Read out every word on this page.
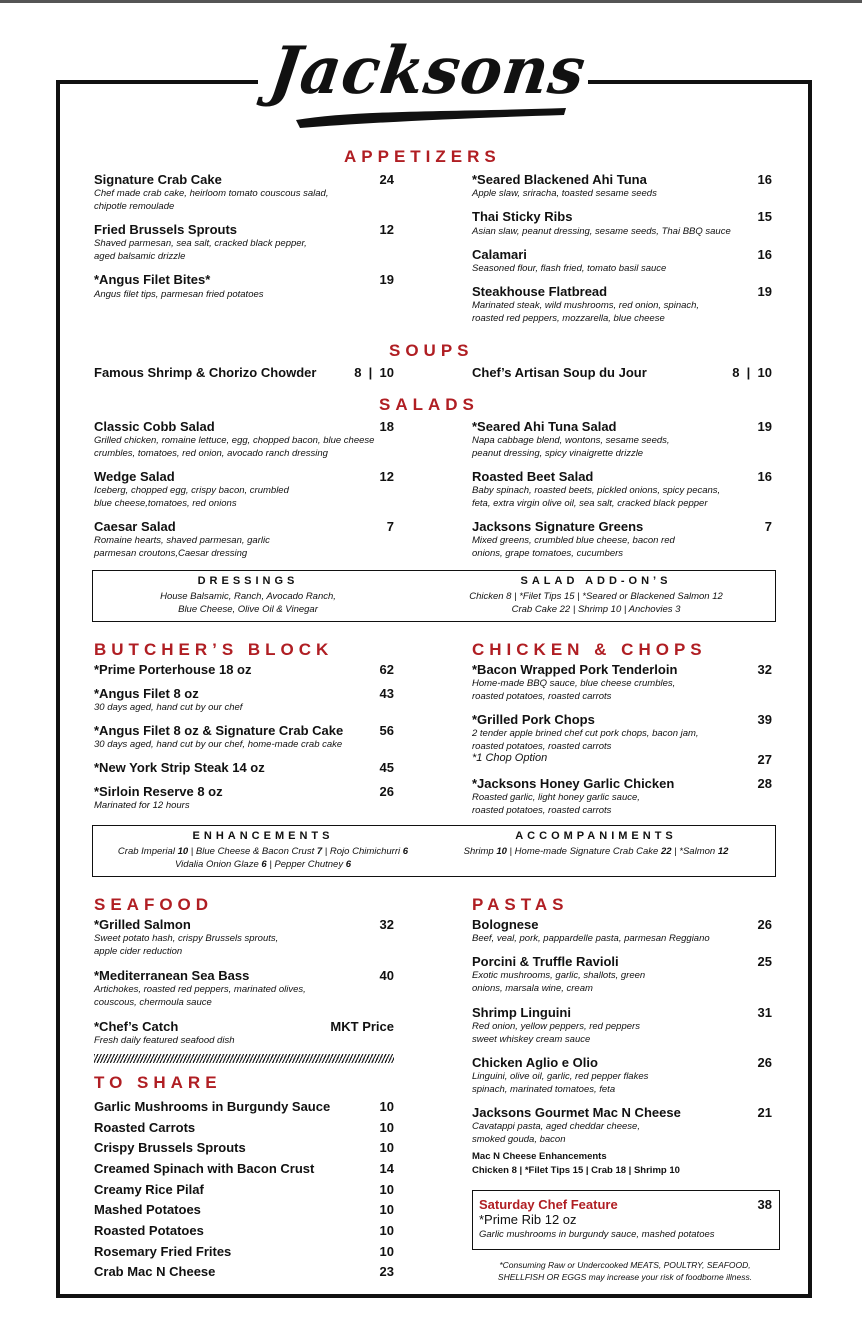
Jacksons
APPETIZERS
Signature Crab Cake	24
Chef made crab cake, heirloom tomato couscous salad, chipotle remoulade
Fried Brussels Sprouts	12
Shaved parmesan, sea salt, cracked black pepper, aged balsamic drizzle
*Angus Filet Bites*	19
Angus filet tips, parmesan fried potatoes
*Seared Blackened Ahi Tuna	16
Apple slaw, sriracha, toasted sesame seeds
Thai Sticky Ribs	15
Asian slaw, peanut dressing, sesame seeds, Thai BBQ sauce
Calamari	16
Seasoned flour, flash fried, tomato basil sauce
Steakhouse Flatbread	19
Marinated steak, wild mushrooms, red onion, spinach, roasted red peppers, mozzarella, blue cheese
SOUPS
Famous Shrimp & Chorizo Chowder	8  |  10	Chef’s Artisan Soup du Jour	8  |  10
SALADS
Classic Cobb Salad	18
Grilled chicken, romaine lettuce, egg, chopped bacon, blue cheese crumbles, tomatoes, red onion, avocado ranch dressing
Wedge Salad	12
Iceberg, chopped egg, crispy bacon, crumbled blue cheese,tomatoes, red onions
Caesar Salad	7
Romaine hearts, shaved parmesan, garlic parmesan croutons,Caesar dressing
*Seared Ahi Tuna Salad	19
Napa cabbage blend, wontons, sesame seeds, peanut dressing, spicy vinaigrette drizzle
Roasted Beet Salad	16
Baby spinach, roasted beets, pickled onions, spicy pecans, feta, extra virgin olive oil, sea salt, cracked black pepper
Jacksons Signature Greens	7
Mixed greens, crumbled blue cheese, bacon red onions, grape tomatoes, cucumbers
DRESSINGS
House Balsamic, Ranch, Avocado Ranch,
Blue Cheese, Olive Oil & Vinegar
SALAD ADD-ON’S
Chicken 8 | *Filet Tips 15 | *Seared or Blackened Salmon 12
Crab Cake 22 | Shrimp 10 | Anchovies 3
BUTCHER’S BLOCK
*Prime Porterhouse 18 oz	62
*Angus Filet 8 oz	43
30 days aged, hand cut by our chef
*Angus Filet 8 oz & Signature Crab Cake	56
30 days aged, hand cut by our chef, home-made crab cake
*New York Strip Steak 14 oz	45
*Sirloin Reserve 8 oz	26
Marinated for 12 hours
CHICKEN & CHOPS
*Bacon Wrapped Pork Tenderloin	32
Home-made BBQ sauce, blue cheese crumbles, roasted potatoes, roasted carrots
*Grilled Pork Chops	39
2 tender apple brined chef cut pork chops, bacon jam, roasted potatoes, roasted carrots
*1 Chop Option	27
*Jacksons Honey Garlic Chicken	28
Roasted garlic, light honey garlic sauce, roasted potatoes, roasted carrots
ENHANCEMENTS
Crab Imperial 10 | Blue Cheese & Bacon Crust 7 | Rojo Chimichurri 6
Vidalia Onion Glaze 6 | Pepper Chutney 6
ACCOMPANIMENTS
Shrimp 10 | Home-made Signature Crab Cake 22 | *Salmon 12
SEAFOOD
*Grilled Salmon	32
Sweet potato hash, crispy Brussels sprouts, apple cider reduction
*Mediterranean Sea Bass	40
Artichokes, roasted red peppers, marinated olives, couscous, chermoula sauce
*Chef’s Catch	MKT Price
Fresh daily featured seafood dish
TO SHARE
Garlic Mushrooms in Burgundy Sauce	10
Roasted Carrots	10
Crispy Brussels Sprouts	10
Creamed Spinach with Bacon Crust	14
Creamy Rice Pilaf	10
Mashed Potatoes	10
Roasted Potatoes	10
Rosemary Fried Frites	10
Crab Mac N Cheese	23
PASTAS
Bolognese	26
Beef, veal, pork, pappardelle pasta, parmesan Reggiano
Porcini & Truffle Ravioli	25
Exotic mushrooms, garlic, shallots, green onions, marsala wine, cream
Shrimp Linguini	31
Red onion, yellow peppers, red peppers sweet whiskey cream sauce
Chicken Aglio e Olio	26
Linguini, olive oil, garlic, red pepper flakes spinach, marinated tomatoes, feta
Jacksons Gourmet Mac N Cheese	21
Cavatappi pasta, aged cheddar cheese, smoked gouda, bacon
Mac N Cheese Enhancements
Chicken 8 | *Filet Tips 15 | Crab 18 | Shrimp 10
Saturday Chef Feature	38
*Prime Rib 12 oz
Garlic mushrooms in burgundy sauce, mashed potatoes
*Consuming Raw or Undercooked MEATS, POULTRY, SEAFOOD,
SHELLFISH OR EGGS may increase your risk of foodborne illness.
